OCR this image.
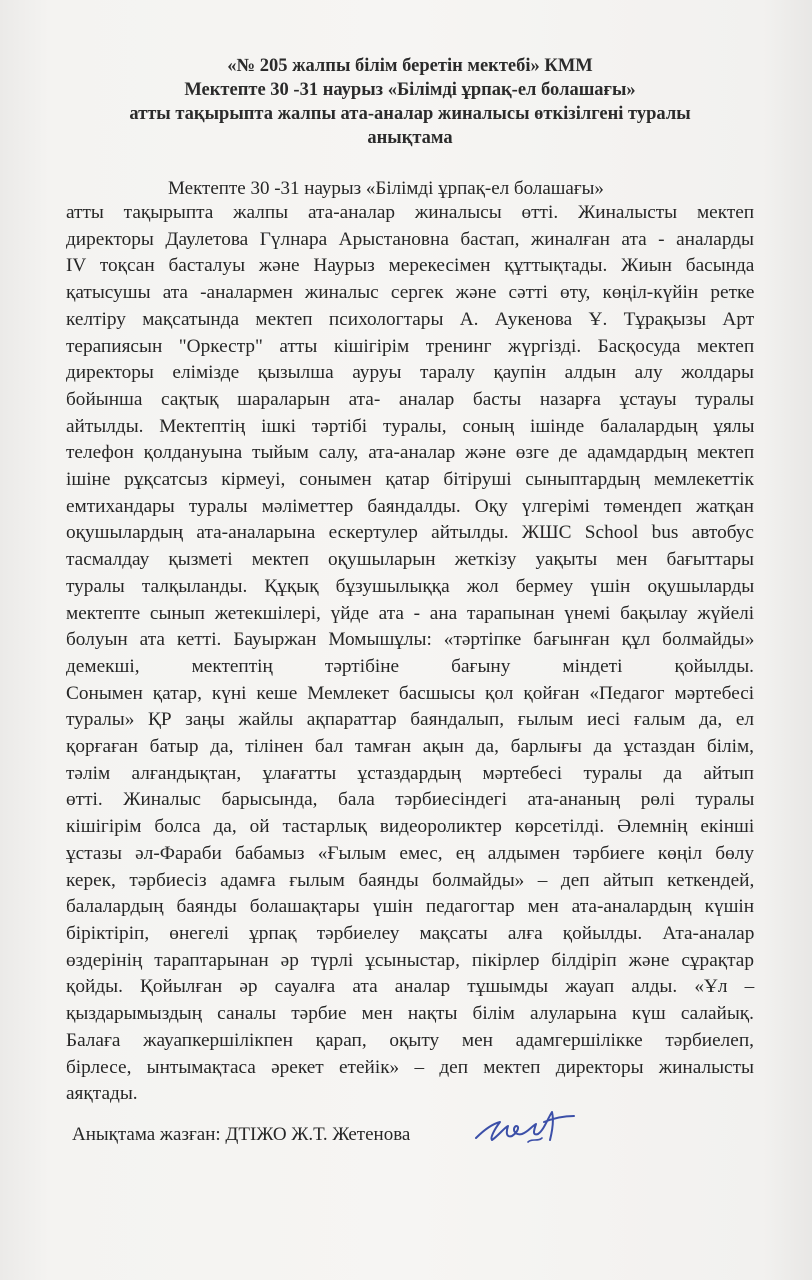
«№ 205 жалпы білім беретін мектебі» КММ
Мектепте 30 -31 наурыз «Білімді ұрпақ-ел болашағы»
атты тақырыпта жалпы ата-аналар жиналысы өткізілгені туралы
анықтама
Мектепте 30 -31 наурыз «Білімді ұрпақ-ел болашағы»
атты тақырыпта жалпы ата-аналар жиналысы өтті. Жиналысты мектеп
директоры Даулетова Гүлнара Арыстановна бастап, жиналған ата - аналарды
IV тоқсан басталуы және Наурыз мерекесімен құттықтады. Жиын басында
қатысушы ата -аналармен жиналыс сергек және сәтті өту, көңіл-күйін ретке
келтіру мақсатында мектеп психологтары А. Аукенова Ұ. Тұрақызы Арт
терапиясын "Оркестр" атты кішігірім тренинг жүргізді. Басқосуда мектеп
директоры елімізде қызылша ауруы таралу қаупін алдын алу жолдары
бойынша сақтық шараларын ата- аналар басты назарға ұстауы туралы
айтылды. Мектептің ішкі тәртібі туралы, соның ішінде балалардың ұялы
телефон қолдануына тыйым салу, ата-аналар және өзге де адамдардың мектеп
ішіне рұқсатсыз кірмеуі, сонымен қатар бітіруші сыныптардың мемлекеттік
емтихандары туралы мәліметтер баяндалды. Оқу үлгерімі төмендеп жатқан
оқушылардың ата-аналарына ескертулер айтылды. ЖШС School bus автобус
тасмалдау қызметі мектеп оқушыларын жеткізу уақыты мен бағыттары
туралы талқыланды. Құқық бұзушылыққа жол бермеу үшін оқушыларды
мектепте сынып жетекшілері, үйде ата - ана тарапынан үнемі бақылау жүйелі
болуын ата кетті. Бауыржан Момышұлы: «тәртіпке бағынған құл болмайды»
демекші, мектептің тәртібіне бағыну міндеті қойылды.
Сонымен қатар, күні кеше Мемлекет басшысы қол қойған «Педагог мәртебесі
туралы» ҚР заңы жайлы ақпараттар баяндалып, ғылым иесі ғалым да, ел
қорғаған батыр да, тілінен бал тамған ақын да, барлығы да ұстаздан білім,
тәлім алғандықтан, ұлағатты ұстаздардың мәртебесі туралы да айтып
өтті. Жиналыс барысында, бала тәрбиесіндегі ата-ананың рөлі туралы
кішігірім болса да, ой тастарлық видеороликтер көрсетілді. Әлемнің екінші
ұстазы әл-Фараби бабамыз «Ғылым емес, ең алдымен тәрбиеге көңіл бөлу
керек, тәрбиесіз адамға ғылым баянды болмайды» – деп айтып кеткендей,
балалардың баянды болашақтары үшін педагогтар мен ата-аналардың күшін
біріктіріп, өнегелі ұрпақ тәрбиелеу мақсаты алға қойылды. Ата-аналар
өздерінің тараптарынан әр түрлі ұсыныстар, пікірлер білдіріп және сұрақтар
қойды. Қойылған әр сауалға ата аналар тұшымды жауап алды. «Ұл –
қыздарымыздың саналы тәрбие мен нақты білім алуларына күш салайық.
Балаға жауапкершілікпен қарап, оқыту мен адамгершілікке тәрбиелеп,
бірлесе, ынтымақтаса әрекет етейік» – деп мектеп директоры жиналысты
аяқтады.
Анықтама жазған: ДТІЖО Ж.Т. Жетенова
